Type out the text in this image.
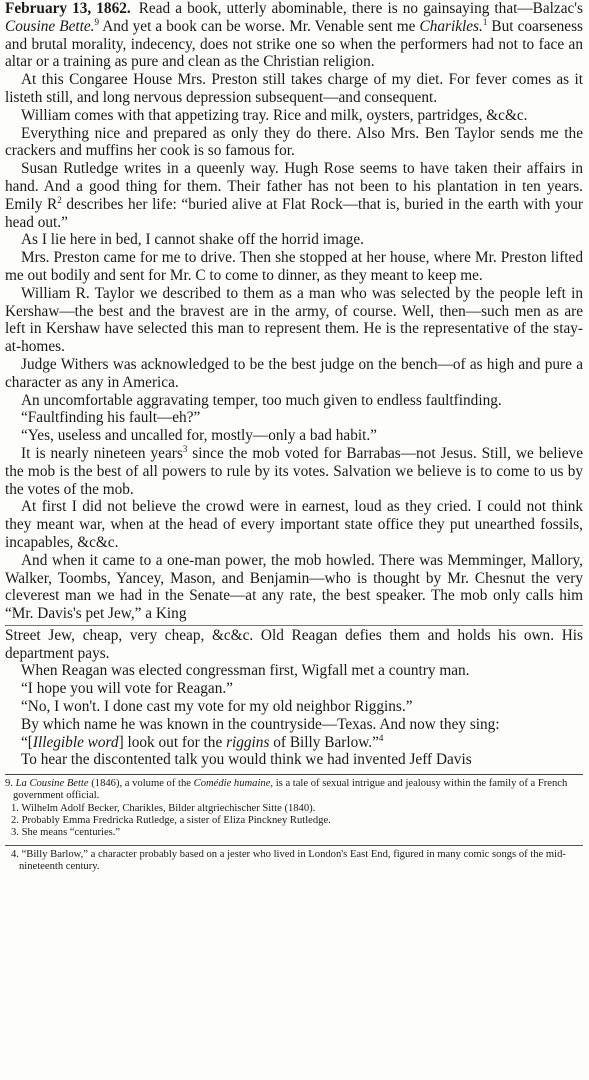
February 13, 1862. Read a book, utterly abominable, there is no gainsaying that—Balzac's Cousine Bette.$^9$ And yet a book can be worse. Mr. Venable sent me Charikles.$^1$ But coarseness and brutal morality, indecency, does not strike one so when the performers had not to face an altar or a training as pure and clean as the Christian religion.

At this Congaree House Mrs. Preston still takes charge of my diet. For fever comes as it listeth still, and long nervous depression subsequent—and consequent.

William comes with that appetizing tray. Rice and milk, oysters, partridges, &c&c.

Everything nice and prepared as only they do there. Also Mrs. Ben Taylor sends me the crackers and muffins her cook is so famous for.

Susan Rutledge writes in a queenly way. Hugh Rose seems to have taken their affairs in hand. And a good thing for them. Their father has not been to his plantation in ten years. Emily R$^2$ describes her life: “buried alive at Flat Rock—that is, buried in the earth with your head out.”

As I lie here in bed, I cannot shake off the horrid image.

Mrs. Preston came for me to drive. Then she stopped at her house, where Mr. Preston lifted me out bodily and sent for Mr. C to come to dinner, as they meant to keep me.

William R. Taylor we described to them as a man who was selected by the people left in Kershaw—the best and the bravest are in the army, of course. Well, then—such men as are left in Kershaw have selected this man to represent them. He is the representative of the stay-at-homes.

Judge Withers was acknowledged to be the best judge on the bench—of as high and pure a character as any in America.

An uncomfortable aggravating temper, too much given to endless faultfinding.

“Faultfinding his fault—eh?”

“Yes, useless and uncalled for, mostly—only a bad habit.”

It is nearly nineteen years$^3$ since the mob voted for Barrabas—not Jesus. Still, we believe the mob is the best of all powers to rule by its votes. Salvation we believe is to come to us by the votes of the mob.

At first I did not believe the crowd were in earnest, loud as they cried. I could not think they meant war, when at the head of every important state office they put unearthed fossils, incapables, &c&c.

And when it came to a one-man power, the mob howled. There was Memminger, Mallory, Walker, Toombs, Yancey, Mason, and Benjamin—who is thought by Mr. Chesnut the very cleverest man we had in the Senate—at any rate, the best speaker. The mob only calls him “Mr. Davis's pet Jew,” a King

Street Jew, cheap, very cheap, &c&c. Old Reagan defies them and holds his own. His department pays.

When Reagan was elected congressman first, Wigfall met a country man.

“I hope you will vote for Reagan.”

“No, I won't. I done cast my vote for my old neighbor Riggins.”

By which name he was known in the countryside—Texas. And now they sing:

“[Illegible word] look out for the riggins of Billy Barlow.”$^4$

To hear the discontented talk you would think we had invented Jeff Davis

9. La Cousine Bette (1846), a volume of the Comédie humaine, is a tale of sexual intrigue and jealousy within the family of a French government official.

1. Wilhelm Adolf Becker, Charikles, Bilder altgriechischer Sitte (1840).

2. Probably Emma Fredricka Rutledge, a sister of Eliza Pinckney Rutledge.

3. She means “centuries.”

4. “Billy Barlow,” a character probably based on a jester who lived in London's East End, figured in many comic songs of the mid-nineteenth century.
